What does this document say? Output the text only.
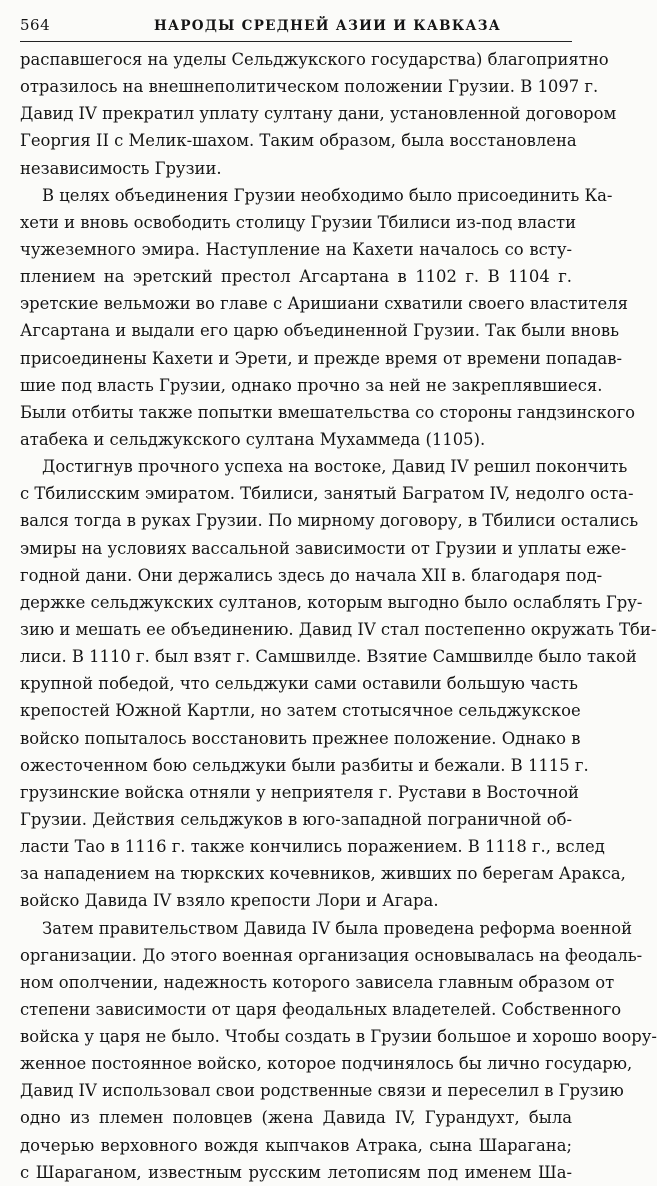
564	НАРОДЫ СРЕДНЕЙ АЗИИ И КАВКАЗА
распавшегося на уделы Сельджукского государства) благоприятно
отразилось на внешнеполитическом положении Грузии. В 1097 г.
Давид IV прекратил уплату султану дани, установленной договором
Георгия II с Мелик-шахом. Таким образом, была восстановлена
независимость Грузии.
В целях объединения Грузии необходимо было присоединить Ка-
хети и вновь освободить столицу Грузии Тбилиси из-под власти
чужеземного эмира. Наступление на Кахети началось со всту-
плением на эретский престол Агсартана в 1102 г. В 1104 г.
эретские вельможи во главе с Аришиани схватили своего властителя
Агсартана и выдали его царю объединенной Грузии. Так были вновь
присоединены Кахети и Эрети, и прежде время от времени попадав-
шие под власть Грузии, однако прочно за ней не закреплявшиеся.
Были отбиты также попытки вмешательства со стороны гандзинского
атабека и сельджукского султана Мухаммеда (1105).
Достигнув прочного успеха на востоке, Давид IV решил покончить
с Тбилисским эмиратом. Тбилиси, занятый Багратом IV, недолго оста-
вался тогда в руках Грузии. По мирному договору, в Тбилиси остались
эмиры на условиях вассальной зависимости от Грузии и уплаты еже-
годной дани. Они держались здесь до начала XII в. благодаря под-
держке сельджукских султанов, которым выгодно было ослаблять Гру-
зию и мешать ее объединению. Давид IV стал постепенно окружать Тби-
лиси. В 1110 г. был взят г. Самшвилде. Взятие Самшвилде было такой
крупной победой, что сельджуки сами оставили большую часть
крепостей Южной Картли, но затем стотысячное сельджукское
войско попыталось восстановить прежнее положение. Однако в
ожесточенном бою сельджуки были разбиты и бежали. В 1115 г.
грузинские войска отняли у неприятеля г. Рустави в Восточной
Грузии. Действия сельджуков в юго-западной пограничной об-
ласти Тао в 1116 г. также кончились поражением. В 1118 г., вслед
за нападением на тюркских кочевников, живших по берегам Аракса,
войско Давида IV взяло крепости Лори и Агара.
Затем правительством Давида IV была проведена реформа военной
организации. До этого военная организация основывалась на феодаль-
ном ополчении, надежность которого зависела главным образом от
степени зависимости от царя феодальных владетелей. Собственного
войска у царя не было. Чтобы создать в Грузии большое и хорошо воору-
женное постоянное войско, которое подчинялось бы лично государю,
Давид IV использовал свои родственные связи и переселил в Грузию
одно из племен половцев (жена Давида IV, Гурандухт, была
дочерью верховного вождя кыпчаков Атрака, сына Шарагана;
с Шараганом, известным русским летописям под именем Ша-
